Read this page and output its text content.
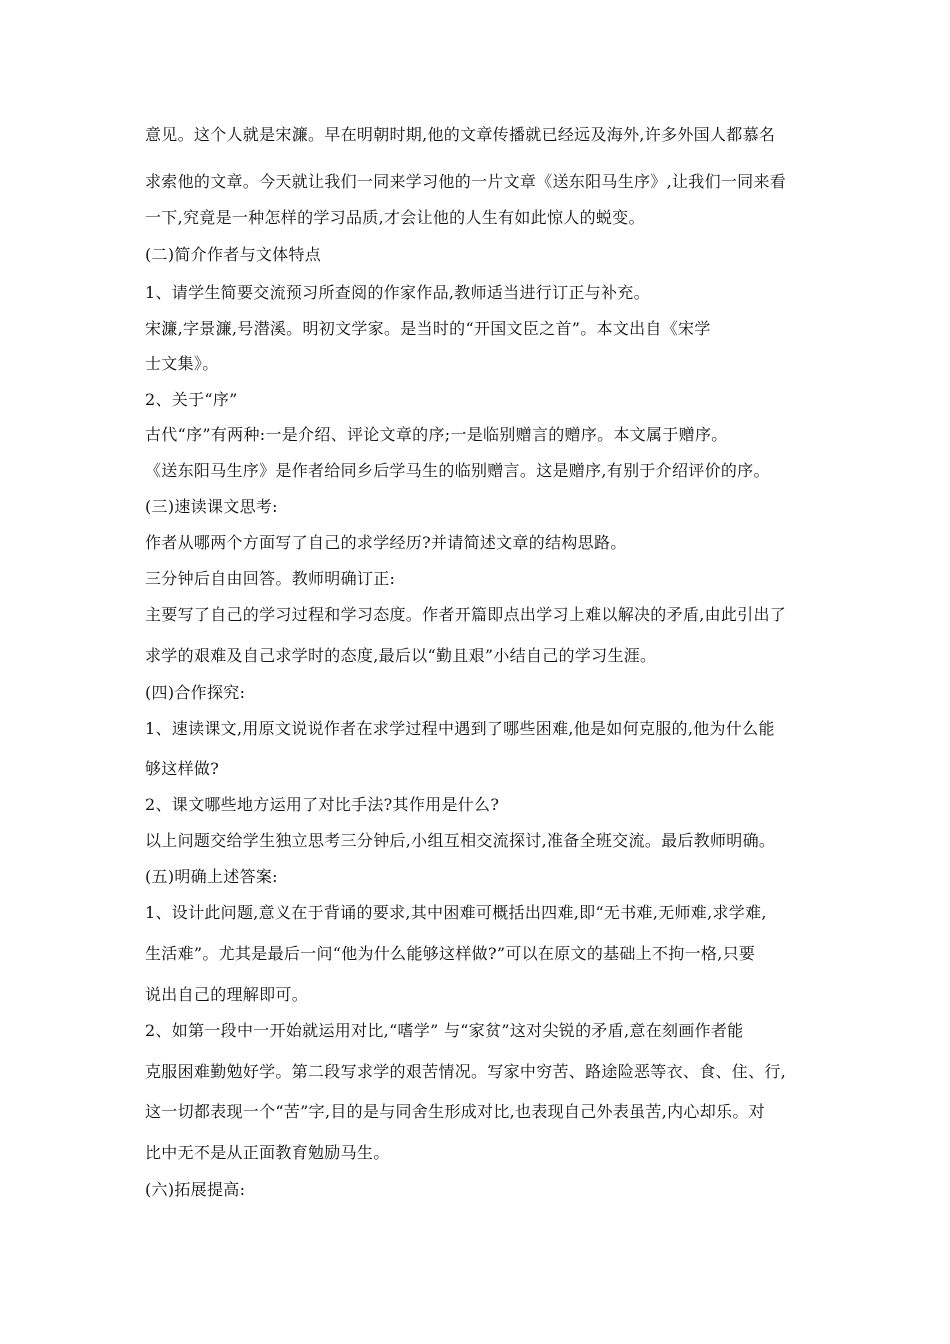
意见。这个人就是宋濂。早在明朝时期,他的文章传播就已经远及海外,许多外国人都慕名
求索他的文章。今天就让我们一同来学习他的一片文章《送东阳马生序》,让我们一同来看
一下,究竟是一种怎样的学习品质,才会让他的人生有如此惊人的蜕变。
(二)简介作者与文体特点
1、请学生简要交流预习所查阅的作家作品,教师适当进行订正与补充。
宋濂,字景濂,号潜溪。明初文学家。是当时的“开国文臣之首”。本文出自《宋学
士文集》。
2、关于“序”
古代“序”有两种:一是介绍、评论文章的序;一是临别赠言的赠序。本文属于赠序。
《送东阳马生序》是作者给同乡后学马生的临别赠言。这是赠序,有别于介绍评价的序。
(三)速读课文思考:
作者从哪两个方面写了自己的求学经历?并请简述文章的结构思路。
三分钟后自由回答。教师明确订正:
主要写了自己的学习过程和学习态度。作者开篇即点出学习上难以解决的矛盾,由此引出了
求学的艰难及自己求学时的态度,最后以“勤且艰”小结自己的学习生涯。
(四)合作探究:
1、速读课文,用原文说说作者在求学过程中遇到了哪些困难,他是如何克服的,他为什么能
够这样做?
2、课文哪些地方运用了对比手法?其作用是什么?
以上问题交给学生独立思考三分钟后,小组互相交流探讨,准备全班交流。最后教师明确。
(五)明确上述答案:
1、设计此问题,意义在于背诵的要求,其中困难可概括出四难,即“无书难,无师难,求学难,
生活难”。尤其是最后一问“他为什么能够这样做?”可以在原文的基础上不拘一格,只要
说出自己的理解即可。
2、如第一段中一开始就运用对比,“嗜学” 与“家贫”这对尖锐的矛盾,意在刻画作者能
克服困难勤勉好学。第二段写求学的艰苦情况。写家中穷苦、路途险恶等衣、食、住、行,
这一切都表现一个“苦”字,目的是与同舍生形成对比,也表现自己外表虽苦,内心却乐。对
比中无不是从正面教育勉励马生。
(六)拓展提高:
